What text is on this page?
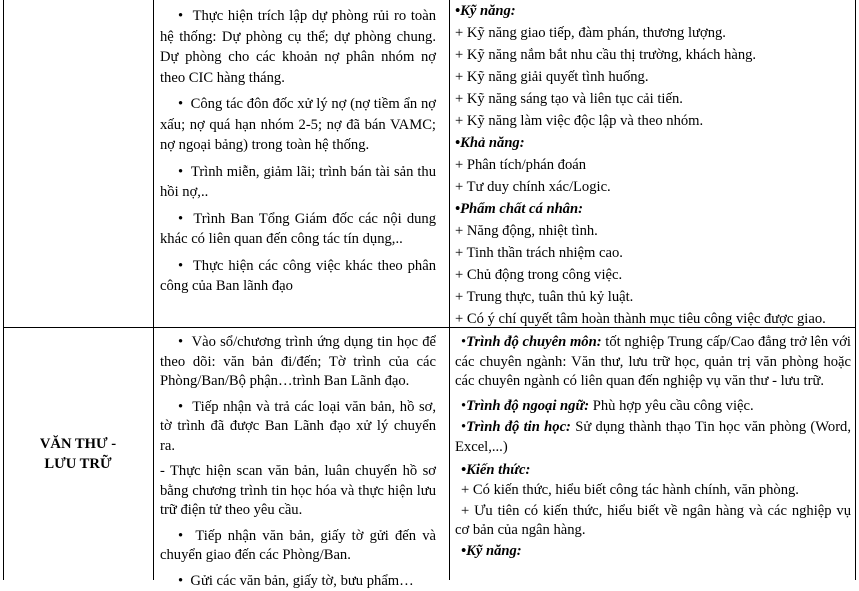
• Thực hiện trích lập dự phòng rủi ro toàn hệ thống: Dự phòng cụ thể; dự phòng chung. Dự phòng cho các khoản nợ phân nhóm nợ theo CIC hàng tháng.

• Công tác đôn đốc xử lý nợ (nợ tiềm ẩn nợ xấu; nợ quá hạn nhóm 2-5; nợ đã bán VAMC; nợ ngoại bảng) trong toàn hệ thống.

• Trình miễn, giảm lãi; trình bán tài sản thu hồi nợ,..

• Trình Ban Tổng Giám đốc các nội dung khác có liên quan đến công tác tín dụng,..

• Thực hiện các công việc khác theo phân công của Ban lãnh đạo

•Kỹ năng:

+ Kỹ năng giao tiếp, đàm phán, thương lượng.

+ Kỹ năng nắm bắt nhu cầu thị trường, khách hàng.

+ Kỹ năng giải quyết tình huống.

+ Kỹ năng sáng tạo và liên tục cải tiến.

+ Kỹ năng làm việc độc lập và theo nhóm.

•Khả năng:

+ Phân tích/phán đoán

+ Tư duy chính xác/Logic.

•Phẩm chất cá nhân:

+ Năng động, nhiệt tình.

+ Tinh thần trách nhiệm cao.

+ Chủ động trong công việc.

+ Trung thực, tuân thủ kỷ luật.

+ Có ý chí quyết tâm hoàn thành mục tiêu công việc được giao.

VĂN THƯ -
LƯU TRỮ

• Vào sổ/chương trình ứng dụng tin học để theo dõi: văn bản đi/đến; Tờ trình của các Phòng/Ban/Bộ phận…trình Ban Lãnh đạo.

• Tiếp nhận và trả các loại văn bản, hồ sơ, tờ trình đã được Ban Lãnh đạo xử lý chuyển ra.

- Thực hiện scan văn bản, luân chuyển hồ sơ bằng chương trình tin học hóa và thực hiện lưu trữ điện tử theo yêu cầu.

• Tiếp nhận văn bản, giấy tờ gửi đến và chuyển giao đến các Phòng/Ban.

• Gửi các văn bản, giấy tờ, bưu phẩm…

•Trình độ chuyên môn: tốt nghiệp Trung cấp/Cao đẳng trở lên với các chuyên ngành: Văn thư, lưu trữ học, quản trị văn phòng hoặc các chuyên ngành có liên quan đến nghiệp vụ văn thư - lưu trữ.

•Trình độ ngoại ngữ: Phù hợp yêu cầu công việc.

•Trình độ tin học: Sử dụng thành thạo Tin học văn phòng (Word, Excel,...)

•Kiến thức:

+ Có kiến thức, hiểu biết công tác hành chính, văn phòng.

+ Ưu tiên có kiến thức, hiểu biết về ngân hàng và các nghiệp vụ cơ bản của ngân hàng.

•Kỹ năng:
